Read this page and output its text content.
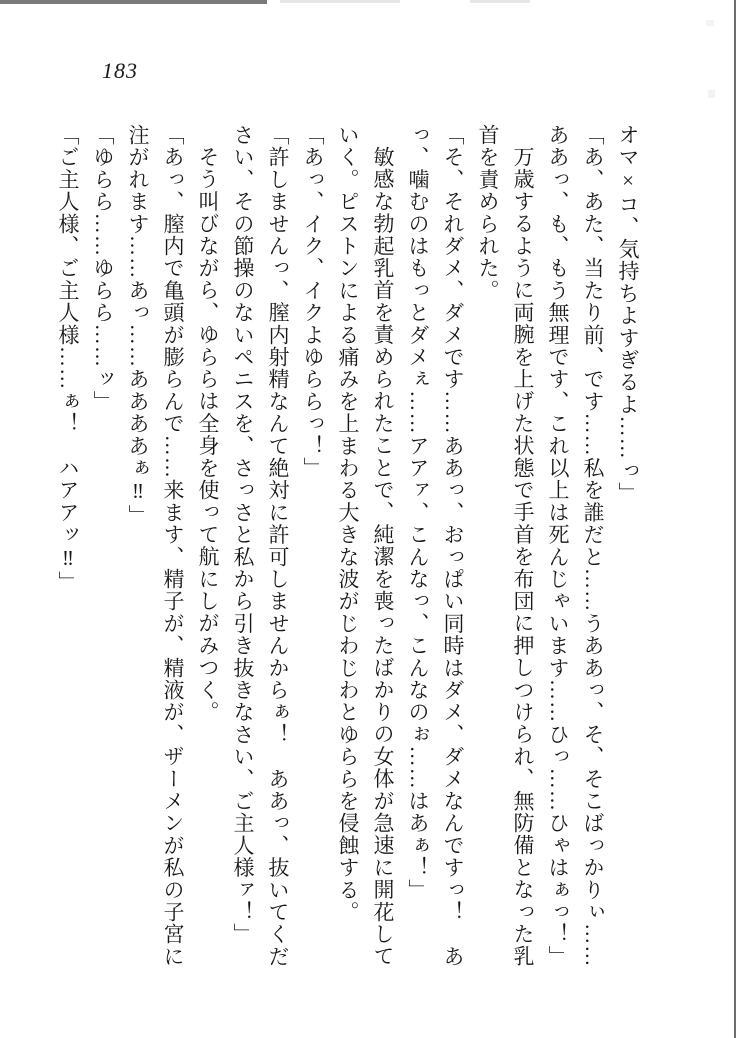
183
オマ×コ、気持ちよすぎるよ……っ」
「あ、あた、当たり前、です……私を誰だと……うああっ、そ、そこばっかりぃ……
ああっ、も、もう無理です、これ以上は死んじゃいます……ひっ……ひゃはぁっ！」
万歳するように両腕を上げた状態で手首を布団に押しつけられ、無防備となった乳
首を責められた。
「そ、それダメ、ダメです……ああっ、おっぱい同時はダメ、ダメなんですっ！　あ
っ、噛むのはもっとダメぇ……アアァ、こんなっ、こんなのぉ……はあぁ！」
敏感な勃起乳首を責められたことで、純潔を喪ったばかりの女体が急速に開花して
いく。ピストンによる痛みを上まわる大きな波がじわじわとゆららを侵蝕する。
「あっ、イク、イクよゆららっ！」
「許しませんっ、膣内射精なんて絶対に許可しませんからぁ！　ああっ、抜いてくだ
さい、その節操のないペニスを、さっさと私から引き抜きなさい、ご主人様ァ！」
そう叫びながら、ゆららは全身を使って航にしがみつく。
「あっ、膣内で亀頭が膨らんで……来ます、精子が、精液が、ザーメンが私の子宮に
注がれます……あっ……ああああぁ‼」
「ゆらら……ゆらら……ッ」
「ご主人様、ご主人様……ぁ！　ハアアッ‼」
